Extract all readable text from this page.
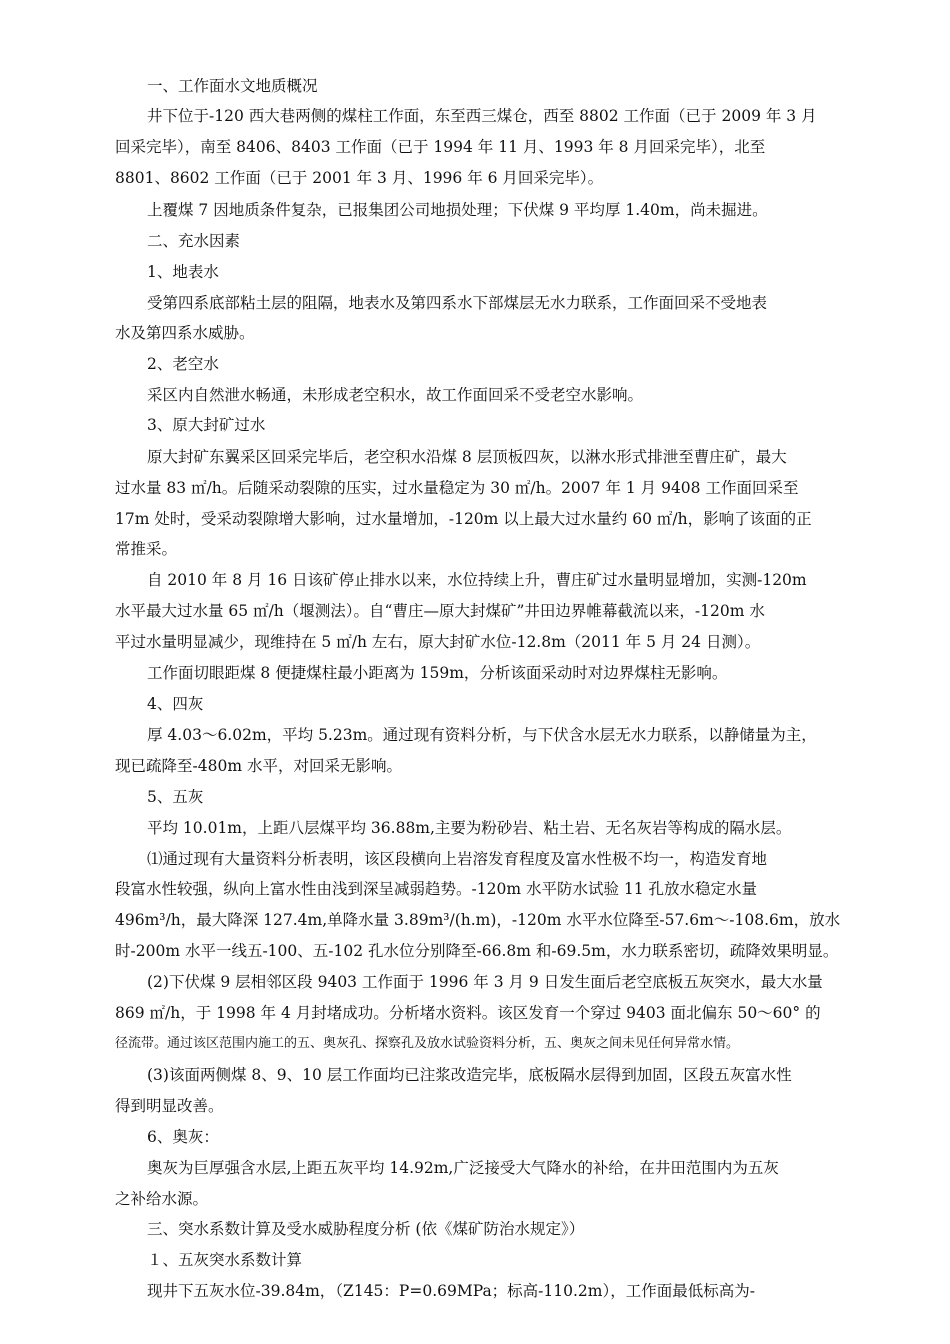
一、工作面水文地质概况

井下位于-120 西大巷两侧的煤柱工作面，东至西三煤仓，西至 8802 工作面（已于 2009 年 3 月

回采完毕），南至 8406、8403 工作面（已于 1994 年 11 月、1993 年 8 月回采完毕），北至

8801、8602 工作面（已于 2001 年 3 月、1996 年 6 月回采完毕）。

上覆煤 7 因地质条件复杂，已报集团公司地损处理；下伏煤 9 平均厚 1.40m，尚未掘进。

二、充水因素

1、地表水

受第四系底部粘土层的阻隔，地表水及第四系水下部煤层无水力联系，工作面回采不受地表

水及第四系水威胁。

2、老空水

采区内自然泄水畅通，未形成老空积水，故工作面回采不受老空水影响。

3、原大封矿过水

原大封矿东翼采区回采完毕后，老空积水沿煤 8 层顶板四灰，以淋水形式排泄至曹庄矿，最大

过水量 83 ㎡/h。后随采动裂隙的压实，过水量稳定为 30 ㎡/h。2007 年 1 月 9408 工作面回采至

17m 处时，受采动裂隙增大影响，过水量增加，-120m 以上最大过水量约 60 ㎡/h，影响了该面的正

常推采。

自 2010 年 8 月 16 日该矿停止排水以来，水位持续上升，曹庄矿过水量明显增加，实测-120m

水平最大过水量 65 ㎡/h（堰测法）。自“曹庄—原大封煤矿”井田边界帷幕截流以来，-120m 水

平过水量明显减少，现维持在 5 ㎡/h 左右，原大封矿水位-12.8m（2011 年 5 月 24 日测）。

工作面切眼距煤 8 便捷煤柱最小距离为 159m，分析该面采动时对边界煤柱无影响。

4、四灰

厚 4.03～6.02m，平均 5.23m。通过现有资料分析，与下伏含水层无水力联系，以静储量为主，

现已疏降至-480m 水平，对回采无影响。

5、五灰

平均 10.01m，上距八层煤平均 36.88m,主要为粉砂岩、粘土岩、无名灰岩等构成的隔水层。

⑴通过现有大量资料分析表明，该区段横向上岩溶发育程度及富水性极不均一，构造发育地

段富水性较强，纵向上富水性由浅到深呈减弱趋势。-120m 水平防水试验 11 孔放水稳定水量

496m³/h，最大降深 127.4m,单降水量 3.89m³/(h.m)，-120m 水平水位降至-57.6m～-108.6m，放水

时-200m 水平一线五-100、五-102 孔水位分别降至-66.8m 和-69.5m，水力联系密切，疏降效果明显。

(2)下伏煤 9 层相邻区段 9403 工作面于 1996 年 3 月 9 日发生面后老空底板五灰突水，最大水量

869 ㎡/h，于 1998 年 4 月封堵成功。分析堵水资料。该区发育一个穿过 9403 面北偏东 50～60° 的

径流带。通过该区范围内施工的五、奥灰孔、探察孔及放水试验资料分析，五、奥灰之间未见任何异常水情。

(3)该面两侧煤 8、9、10 层工作面均已注浆改造完毕，底板隔水层得到加固，区段五灰富水性

得到明显改善。

6、奥灰：

奥灰为巨厚强含水层,上距五灰平均 14.92m,广泛接受大气降水的补给，在井田范围内为五灰

之补给水源。

三、突水系数计算及受水威胁程度分析 (依《煤矿防治水规定》）

１、五灰突水系数计算

现井下五灰水位-39.84m，（Z145：P=0.69MPa；标高-110.2m），工作面最低标高为-
